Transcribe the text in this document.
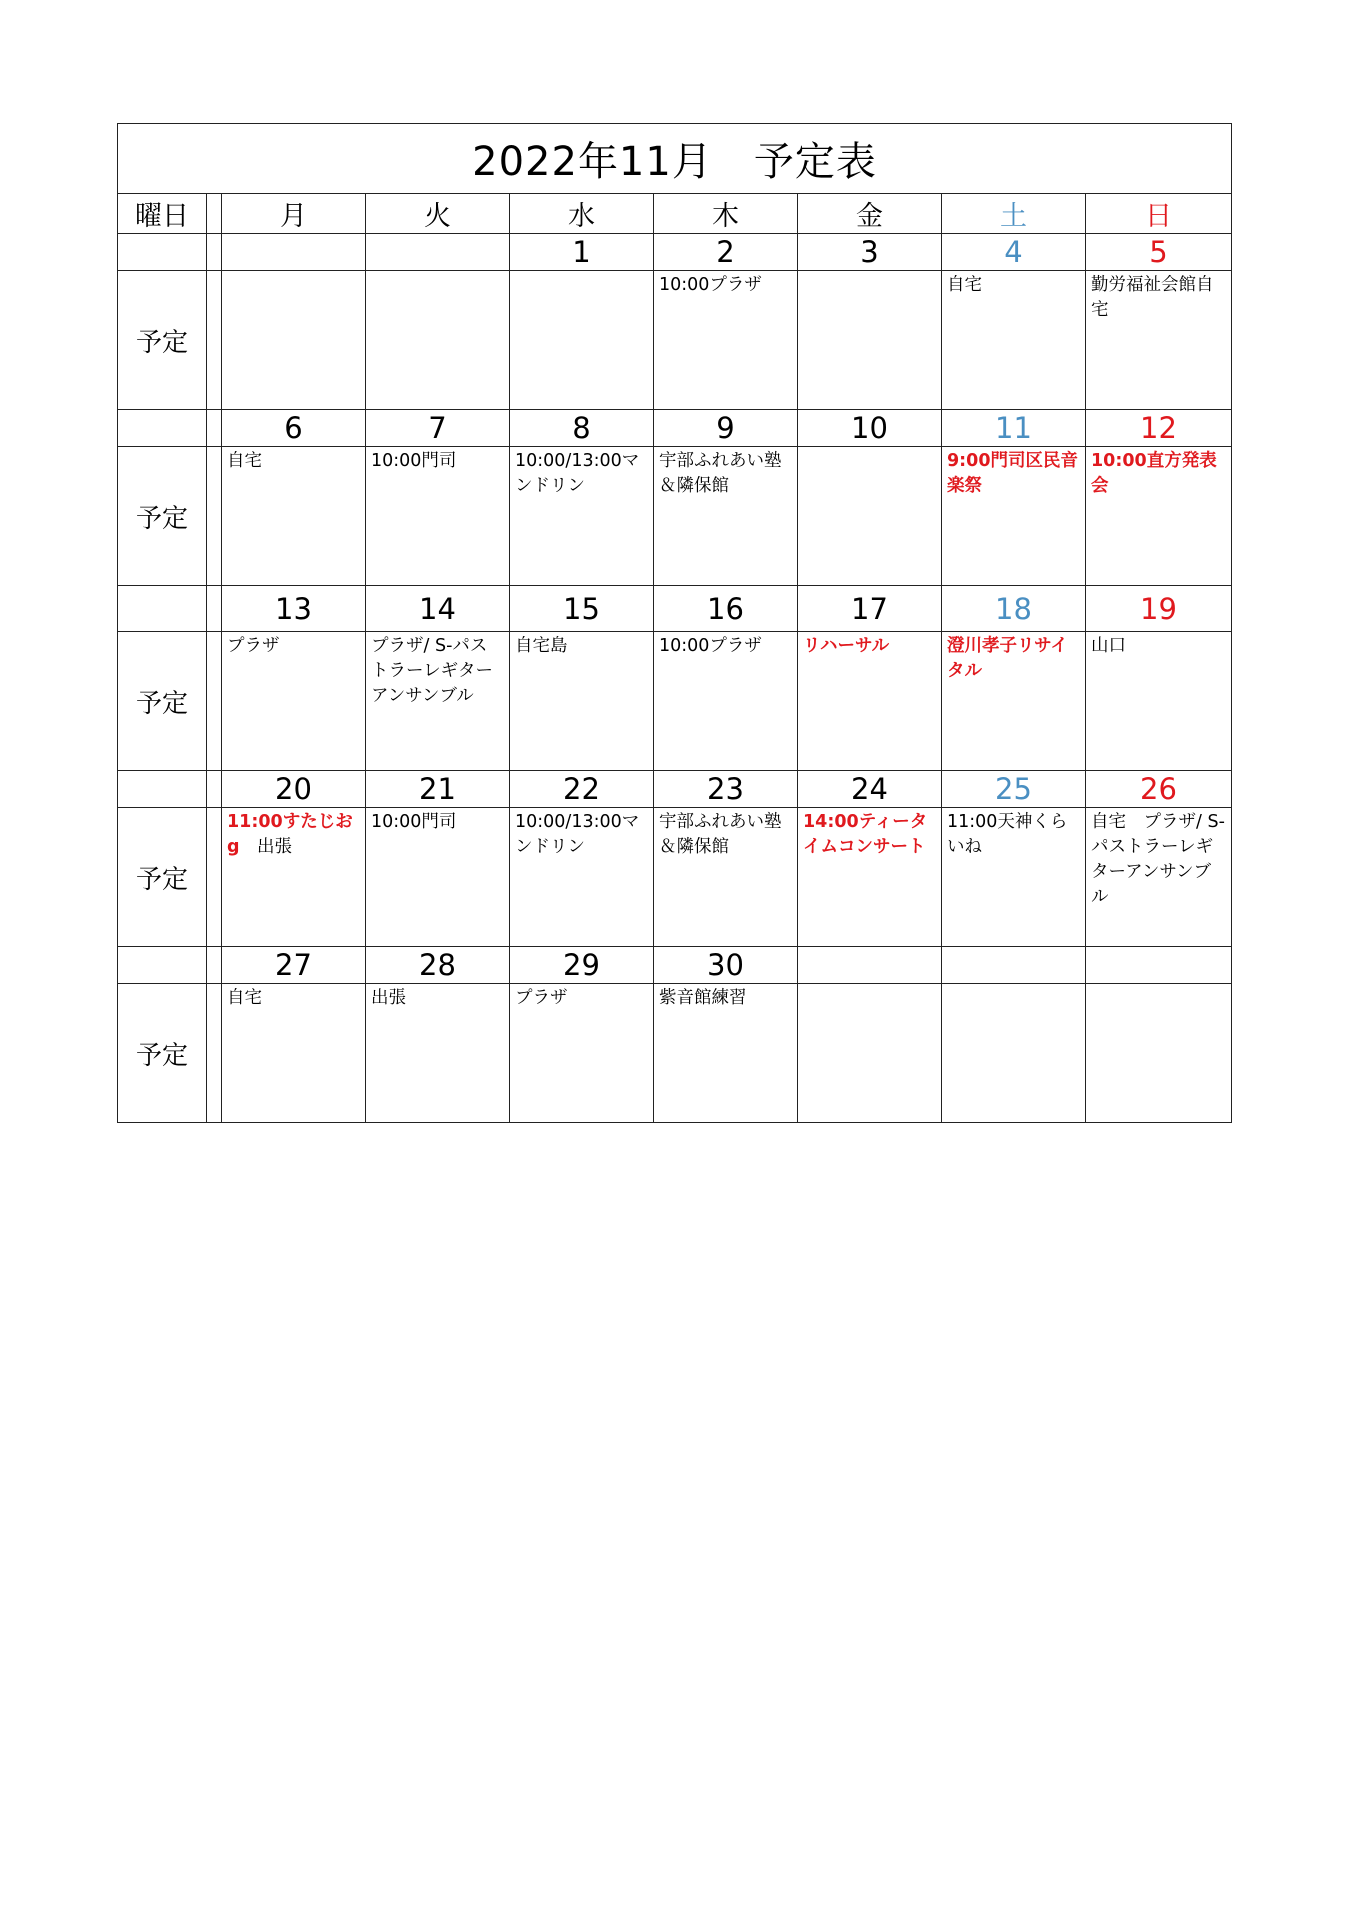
2022年11月　予定表								
曜日		月	火	水	木	金	土	日
				1	2	3	4	5
予定					10:00プラザ		自宅	勤労福祉会館自宅

		6	7	8	9	10	11	12
予定		自宅	10:00門司	10:00/13:00マンドリン	宇部ふれあい塾＆隣保館		9:00門司区民音楽祭	10:00直方発表会

		13	14	15	16	17	18	19
予定		プラザ	プラザ/ S-パストラーレギターアンサンブル	自宅島	10:00プラザ	リハーサル	澄川孝子リサイタル	山口

		20	21	22	23	24	25	26
予定		11:00すたじおg　出張	10:00門司	10:00/13:00マンドリン	宇部ふれあい塾＆隣保館	14:00ティータイムコンサート	11:00天神くらいね	自宅　プラザ/ S-パストラーレギターアンサンブル

		27	28	29	30			
予定		自宅	出張	プラザ	紫音館練習			
